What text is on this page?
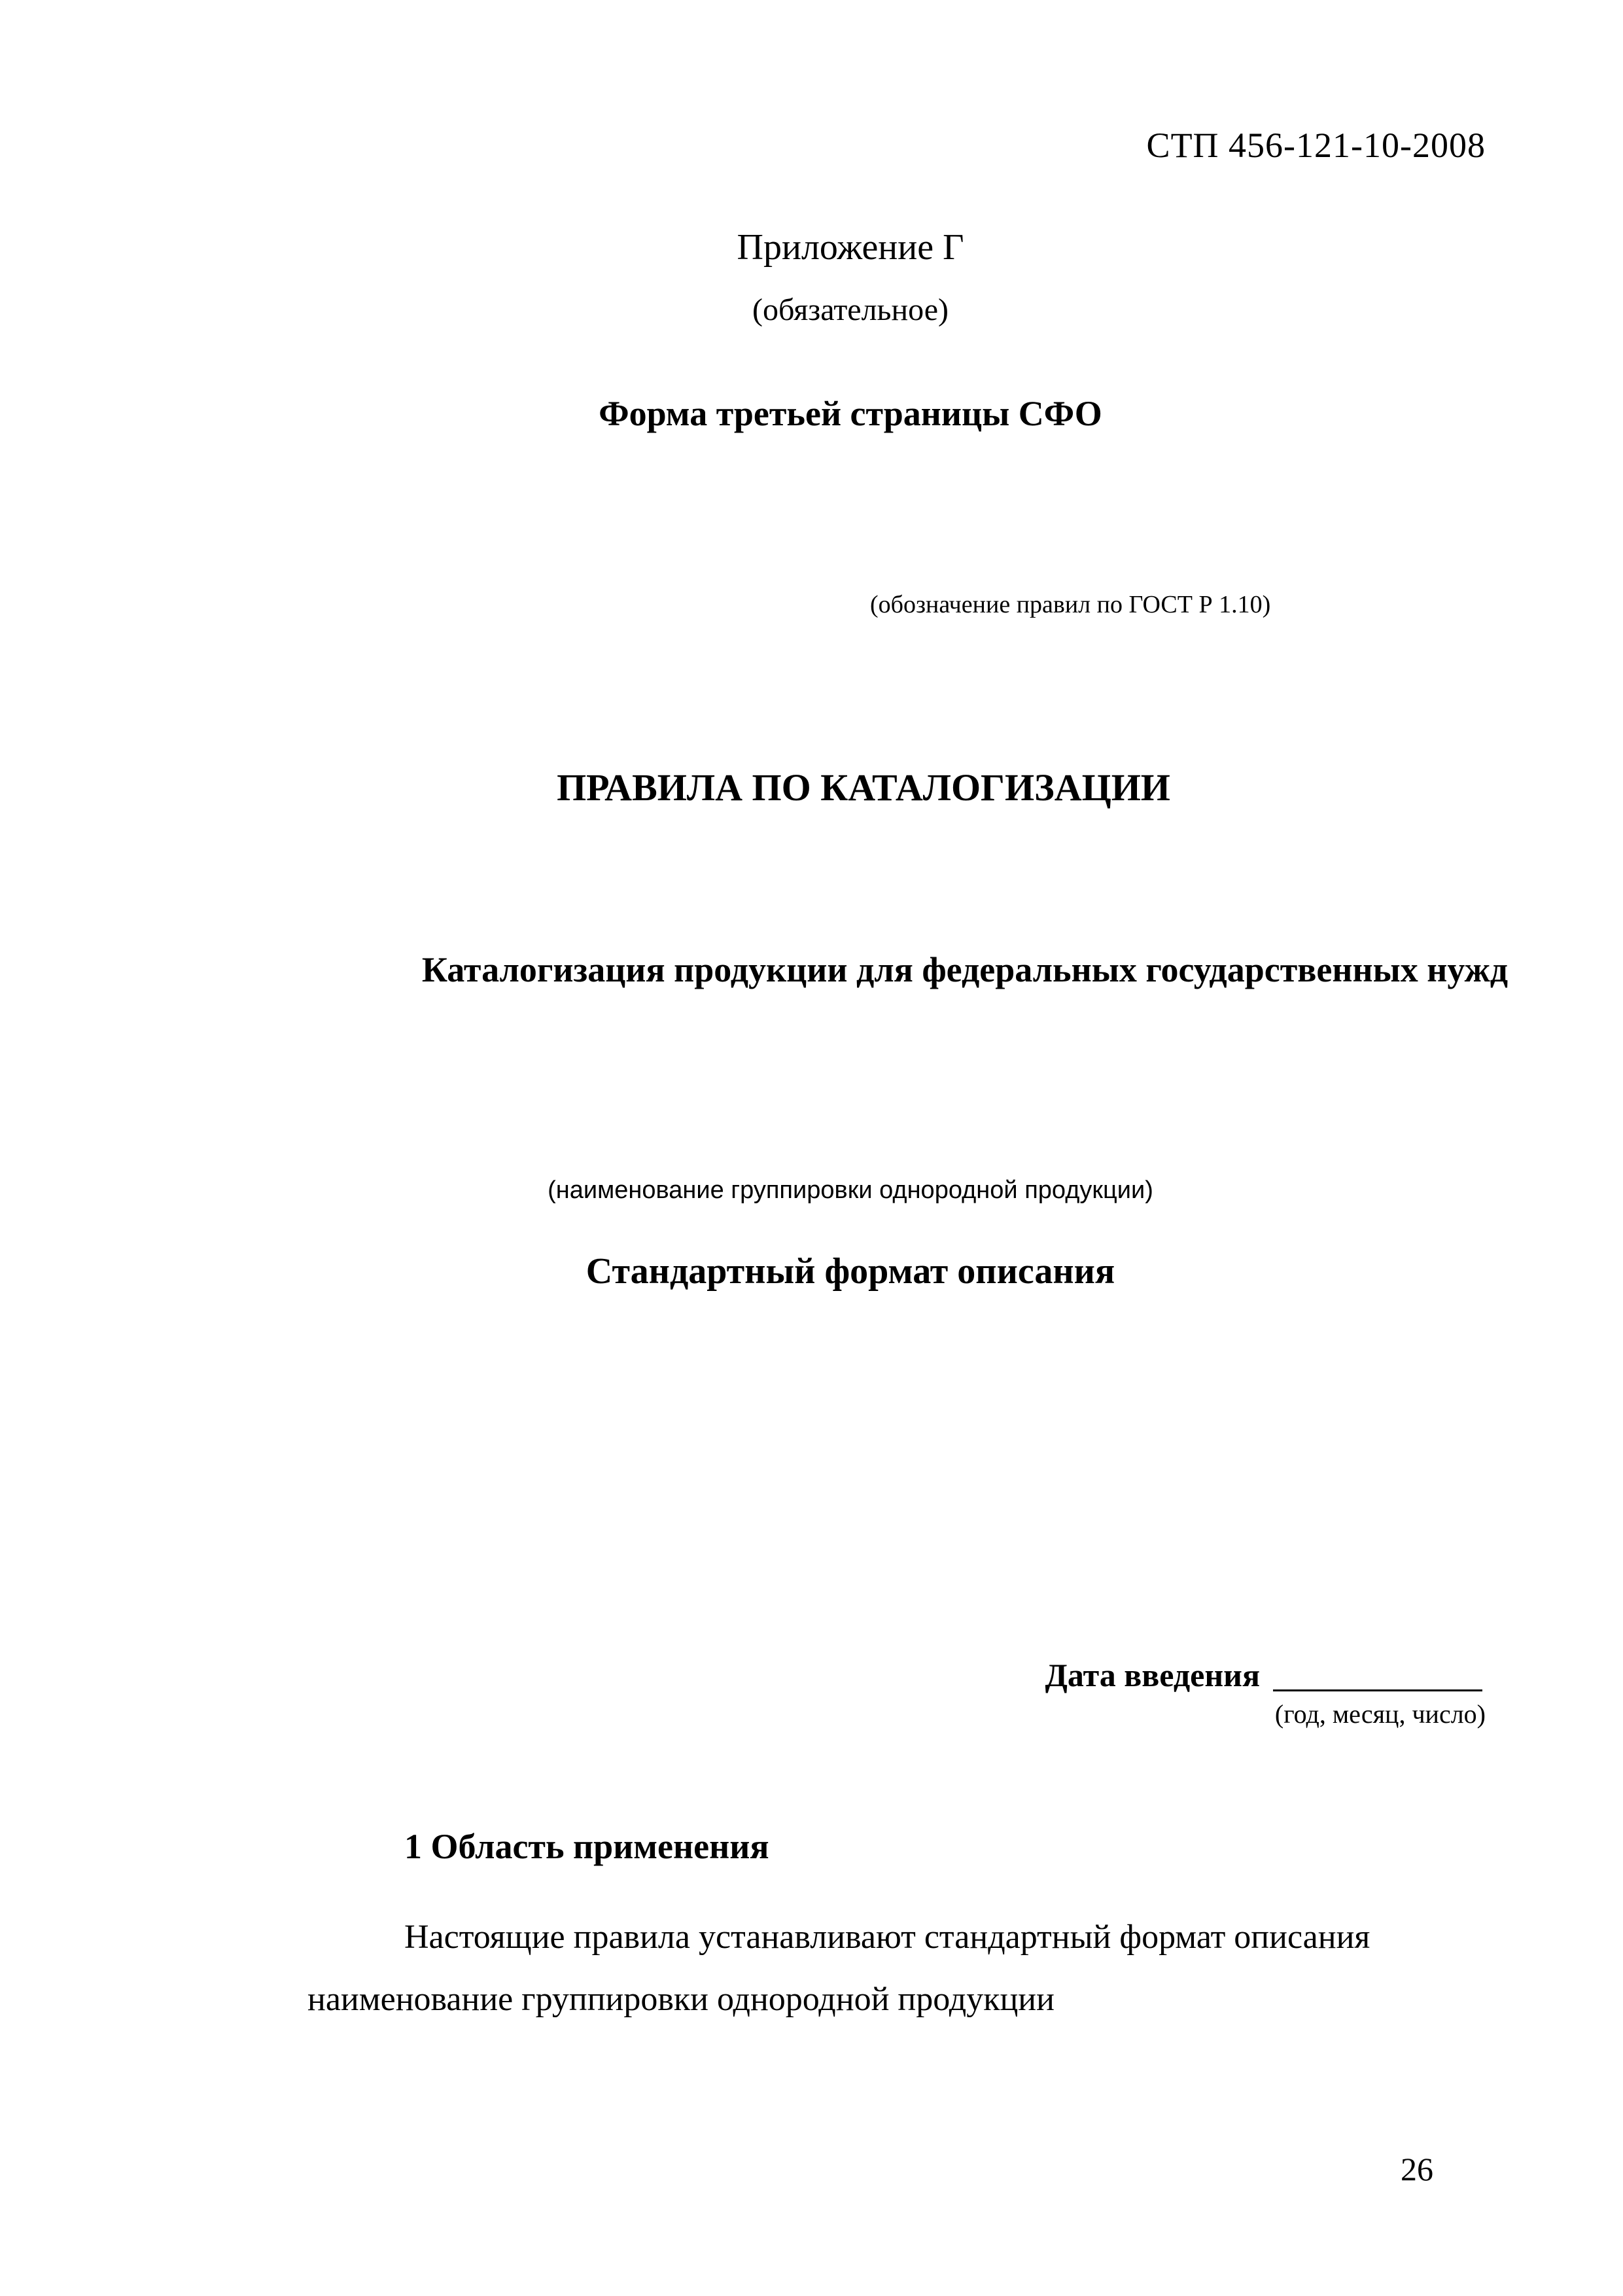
СТП 456-121-10-2008
Приложение Г
(обязательное)
Форма третьей страницы СФО
(обозначение правил по ГОСТ Р 1.10)
ПРАВИЛА ПО КАТАЛОГИЗАЦИИ
Каталогизация продукции для федеральных государственных нужд
(наименование группировки однородной продукции)
Стандартный формат описания
Дата введения
(год, месяц, число)
1 Область применения
Настоящие правила устанавливают стандартный формат описания
наименование группировки однородной продукции
26
